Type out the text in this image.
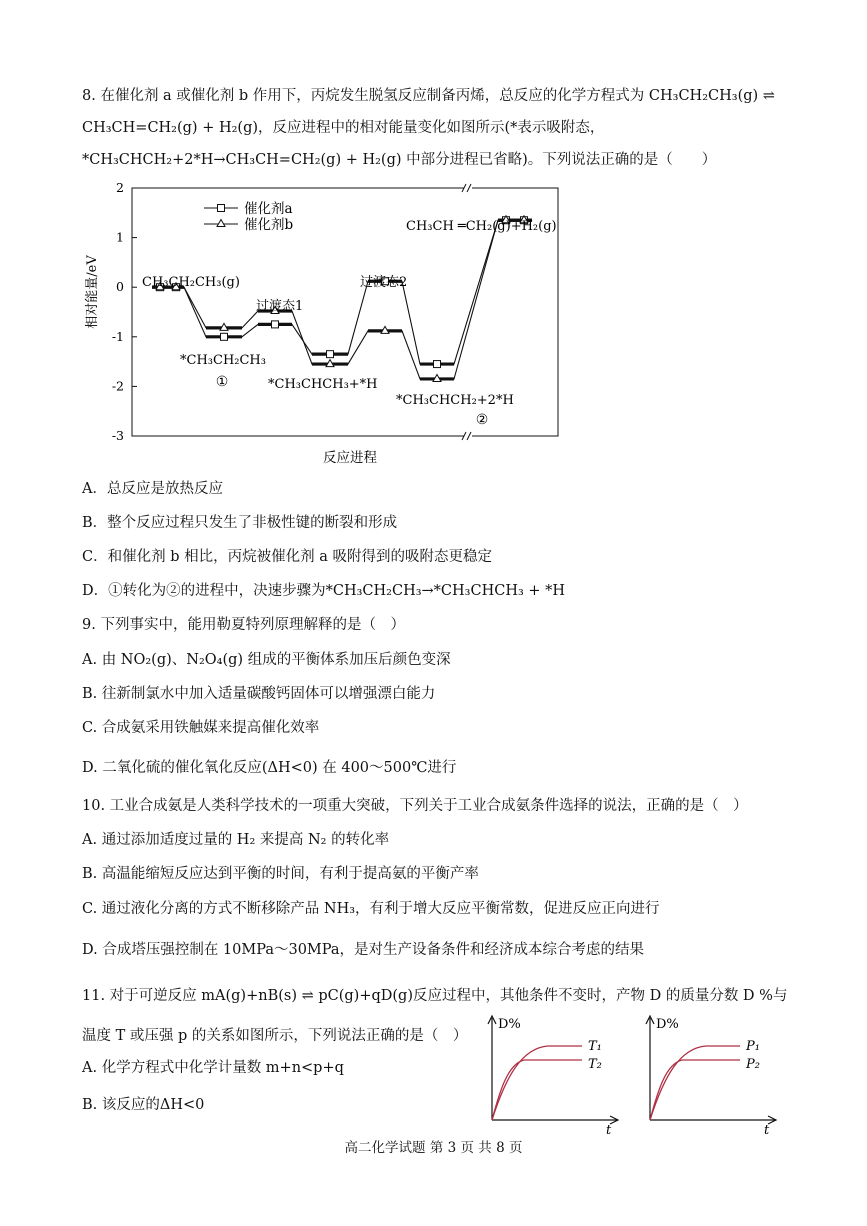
8. 在催化剂 a 或催化剂 b 作用下，丙烷发生脱氢反应制备丙烯，总反应的化学方程式为 CH₃CH₂CH₃(g) ⇌
CH₃CH=CH₂(g) + H₂(g)，反应进程中的相对能量变化如图所示(*表示吸附态，
*CH₃CHCH₂+2*H→CH₃CH=CH₂(g) + H₂(g) 中部分进程已省略)。下列说法正确的是（　　）
2
1
0
-1
-2
-3
催化剂a
催化剂b
CH₃CH₂CH₃(g)
*CH₃CH₂CH₃
过渡态1
*CH₃CHCH₃+*H
过渡态2
*CH₃CHCH₂+2*H
CH₃CH ═CH₂(g)+H₂(g)
①
②
相对能量/eV
反应进程
A．总反应是放热反应
B．整个反应过程只发生了非极性键的断裂和形成
C．和催化剂 b 相比，丙烷被催化剂 a 吸附得到的吸附态更稳定
D．①转化为②的进程中，决速步骤为*CH₃CH₂CH₃→*CH₃CHCH₃ + *H
9. 下列事实中，能用勒夏特列原理解释的是（　）
A. 由 NO₂(g)、N₂O₄(g) 组成的平衡体系加压后颜色变深
B. 往新制氯水中加入适量碳酸钙固体可以增强漂白能力
C. 合成氨采用铁触媒来提高催化效率
D. 二氧化硫的催化氧化反应(ΔH<0) 在 400～500℃进行
10. 工业合成氨是人类科学技术的一项重大突破，下列关于工业合成氨条件选择的说法，正确的是（　）
A. 通过添加适度过量的 H₂ 来提高 N₂ 的转化率
B. 高温能缩短反应达到平衡的时间，有利于提高氨的平衡产率
C. 通过液化分离的方式不断移除产品 NH₃，有利于增大反应平衡常数，促进反应正向进行
D. 合成塔压强控制在 10MPa～30MPa，是对生产设备条件和经济成本综合考虑的结果
11. 对于可逆反应 mA(g)+nB(s) ⇌ pC(g)+qD(g)反应过程中，其他条件不变时，产物 D 的质量分数 D %与
温度 T 或压强 p 的关系如图所示，下列说法正确的是（　）
A. 化学方程式中化学计量数 m+n<p+q
B. 该反应的ΔH<0
D%
T₁
T₂
t
D%
P₁
P₂
t
高二化学试题 第 3 页 共 8 页
